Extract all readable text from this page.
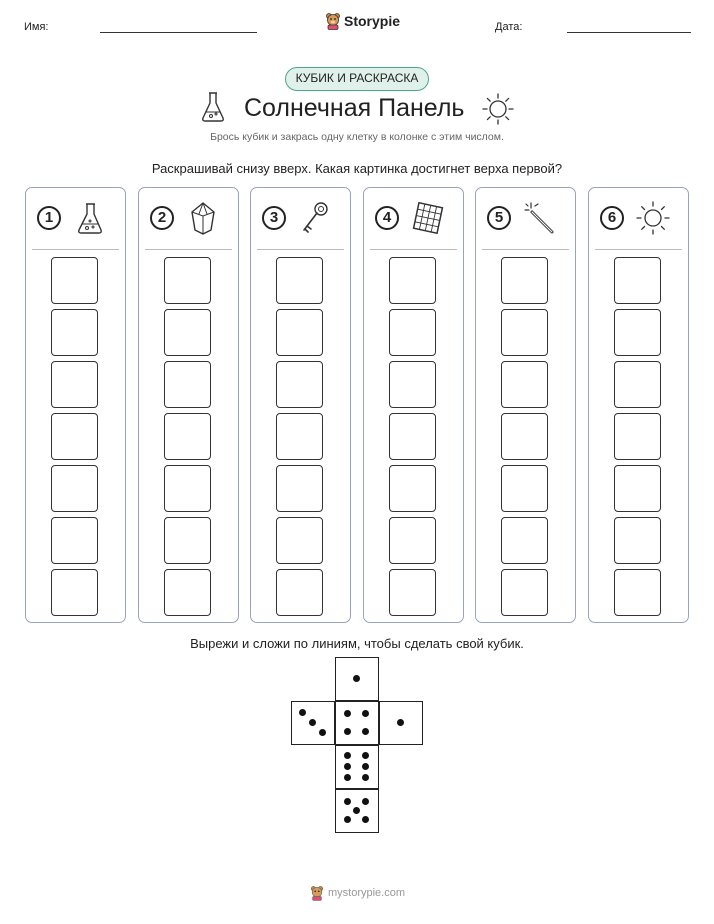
Имя:	Storypie	Дата:
КУБИК И РАСКРАСКА
Солнечная Панель
Брось кубик и закрась одну клетку в колонке с этим числом.
Раскрашивай снизу вверх. Какая картинка достигнет верха первой?
1	2	3	4	5	6
Вырежи и сложи по линиям, чтобы сделать свой кубик.
mystorypie.com
